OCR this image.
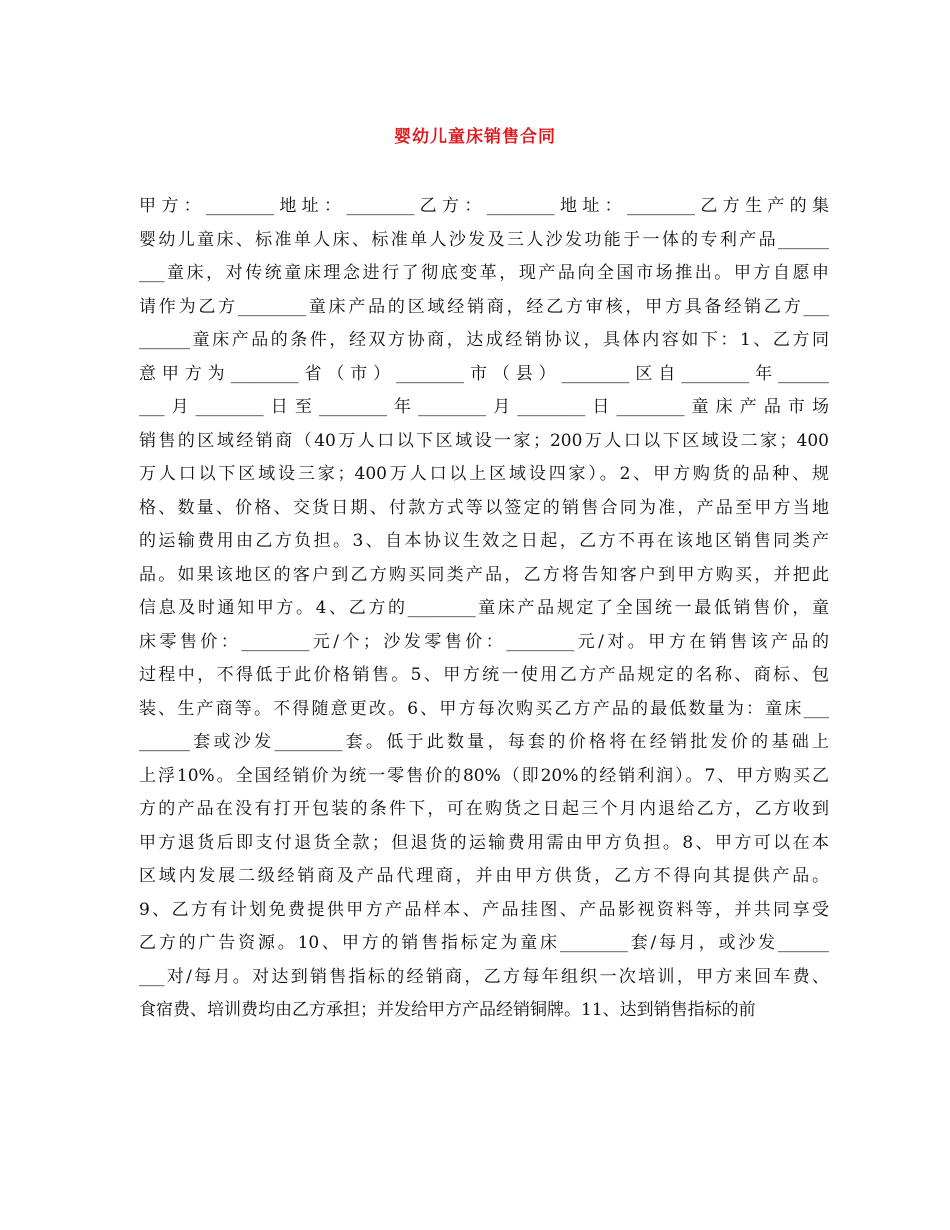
婴幼儿童床销售合同
甲方：________地址：________乙方：________地址：________乙方生产的集
婴幼儿童床、标准单人床、标准单人沙发及三人沙发功能于一体的专利产品______
___童床，对传统童床理念进行了彻底变革，现产品向全国市场推出。甲方自愿申
请作为乙方________童床产品的区域经销商，经乙方审核，甲方具备经销乙方___
______童床产品的条件，经双方协商，达成经销协议，具体内容如下：1、乙方同
意甲方为________省（市）________市（县）________区自________年______
___月________日至________年________月________日________童床产品市场
销售的区域经销商（40万人口以下区域设一家；200万人口以下区域设二家；400
万人口以下区域设三家；400万人口以上区域设四家）。2、甲方购货的品种、规
格、数量、价格、交货日期、付款方式等以签定的销售合同为准，产品至甲方当地
的运输费用由乙方负担。3、自本协议生效之日起，乙方不再在该地区销售同类产
品。如果该地区的客户到乙方购买同类产品，乙方将告知客户到甲方购买，并把此
信息及时通知甲方。4、乙方的________童床产品规定了全国统一最低销售价，童
床零售价：________元/个；沙发零售价：________元/对。甲方在销售该产品的
过程中，不得低于此价格销售。5、甲方统一使用乙方产品规定的名称、商标、包
装、生产商等。不得随意更改。6、甲方每次购买乙方产品的最低数量为：童床___
______套或沙发________套。低于此数量，每套的价格将在经销批发价的基础上
上浮10%。全国经销价为统一零售价的80%（即20%的经销利润）。7、甲方购买乙
方的产品在没有打开包装的条件下，可在购货之日起三个月内退给乙方，乙方收到
甲方退货后即支付退货全款；但退货的运输费用需由甲方负担。8、甲方可以在本
区域内发展二级经销商及产品代理商，并由甲方供货，乙方不得向其提供产品。
9、乙方有计划免费提供甲方产品样本、产品挂图、产品影视资料等，并共同享受
乙方的广告资源。10、甲方的销售指标定为童床________套/每月，或沙发______
___对/每月。对达到销售指标的经销商，乙方每年组织一次培训，甲方来回车费、
食宿费、培训费均由乙方承担；并发给甲方产品经销铜牌。11、达到销售指标的前
